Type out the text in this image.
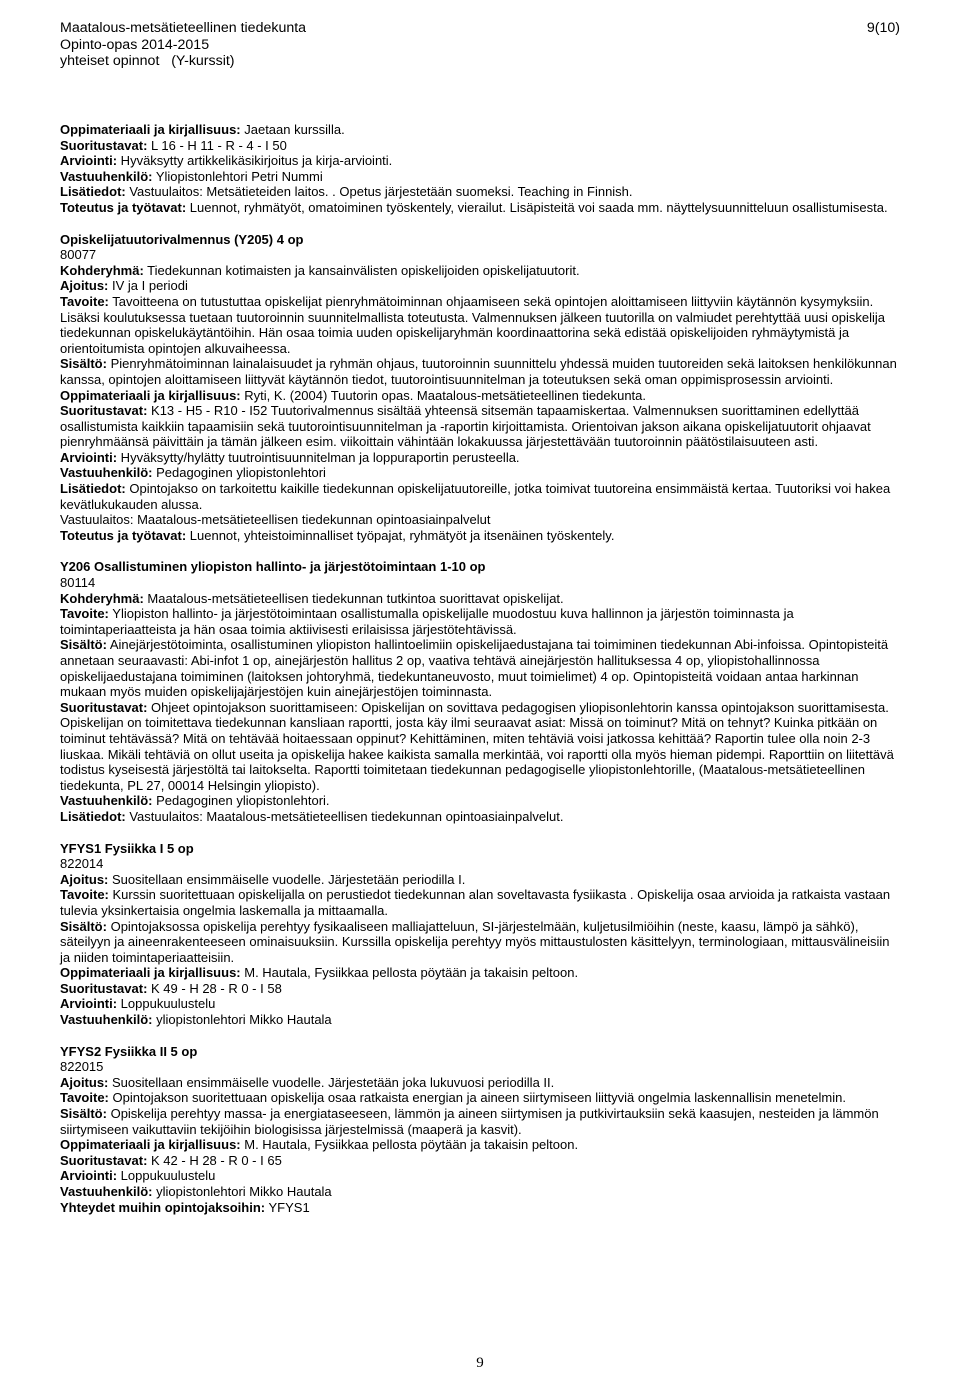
Maatalous-metsätieteellinen tiedekunta
Opinto-opas 2014-2015
yhteiset opinnot   (Y-kurssit)
9(10)
Oppimateriaali ja kirjallisuus: Jaetaan kurssilla.
Suoritustavat: L 16 - H 11 - R - 4 - I 50
Arviointi: Hyväksytty artikkelikäsikirjoitus ja kirja-arviointi.
Vastuuhenkilö: Yliopistonlehtori Petri Nummi
Lisätiedot: Vastuulaitos: Metsätieteiden laitos. . Opetus järjestetään suomeksi. Teaching in Finnish.
Toteutus ja työtavat: Luennot, ryhmätyöt, omatoiminen työskentely, vierailut. Lisäpisteitä voi saada mm. näyttelysuunnitteluun osallistumisesta.
Opiskelijatuutorivalmennus (Y205) 4 op
80077
Kohderyhmä: Tiedekunnan kotimaisten ja kansainvälisten opiskelijoiden opiskelijatuutorit.
Ajoitus: IV ja I periodi
Tavoite: Tavoitteena on tutustuttaa opiskelijat pienryhmätoiminnan ohjaamiseen sekä opintojen aloittamiseen liittyviin käytännön kysymyksiin. Lisäksi koulutuksessa tuetaan tuutoroinnin suunnitelmallista toteutusta. Valmennuksen jälkeen tuutorilla on valmiudet perehtyttää uusi opiskelija tiedekunnan opiskelukäytäntöihin. Hän osaa toimia uuden opiskelijaryhmän koordinaattorina sekä edistää opiskelijoiden ryhmäytymistä ja orientoitumista opintojen alkuvaiheessa.
Sisältö: Pienryhmätoiminnan lainalaisuudet ja ryhmän ohjaus, tuutoroinnin suunnittelu yhdessä muiden tuutoreiden sekä laitoksen henkilökunnan kanssa, opintojen aloittamiseen liittyvät käytännön tiedot, tuutorointisuunnitelman ja toteutuksen sekä oman oppimisprosessin arviointi.
Oppimateriaali ja kirjallisuus: Ryti, K. (2004) Tuutorin opas. Maatalous-metsätieteellinen tiedekunta.
Suoritustavat: K13 - H5 - R10 - I52 Tuutorivalmennus sisältää yhteensä sitsemän tapaamiskertaa. Valmennuksen suorittaminen edellyttää osallistumista kaikkiin tapaamisiin sekä tuutorointisuunnitelman ja -raportin kirjoittamista. Orientoivan jakson aikana opiskelijatuutorit ohjaavat pienryhmäänsä päivittäin ja tämän jälkeen esim. viikoittain vähintään lokakuussa järjestettävään tuutoroinnin päätöstilaisuuteen asti.
Arviointi: Hyväksytty/hylätty tuutrointisuunnitelman ja loppuraportin perusteella.
Vastuuhenkilö: Pedagoginen yliopistonlehtori
Lisätiedot: Opintojakso on tarkoitettu kaikille tiedekunnan opiskelijatuutoreille, jotka toimivat tuutoreina ensimmäistä kertaa. Tuutoriksi voi hakea kevätlukukauden alussa.
Vastuulaitos: Maatalous-metsätieteellisen tiedekunnan opintoasiainpalvelut
Toteutus ja työtavat: Luennot, yhteistoiminnalliset työpajat, ryhmätyöt ja itsenäinen työskentely.
Y206 Osallistuminen yliopiston hallinto- ja järjestötoimintaan 1-10 op
80114
Kohderyhmä: Maatalous-metsätieteellisen tiedekunnan tutkintoa suorittavat opiskelijat.
Tavoite: Yliopiston hallinto- ja järjestötoimintaan osallistumalla opiskelijalle muodostuu kuva hallinnon ja järjestön toiminnasta ja toimintaperiaatteista ja hän osaa toimia aktiivisesti erilaisissa järjestötehtävissä.
Sisältö: Ainejärjestötoiminta, osallistuminen yliopiston hallintoelimiin opiskelijaedustajana tai toimiminen tiedekunnan Abi-infoissa. Opintopisteitä annetaan seuraavasti: Abi-infot 1 op, ainejärjestön hallitus 2 op, vaativa tehtävä ainejärjestön hallituksessa 4 op, yliopistohallinnossa opiskelijaedustajana toimiminen (laitoksen johtoryhmä, tiedekuntaneuvosto, muut toimielimet) 4 op. Opintopisteitä voidaan antaa harkinnan mukaan myös muiden opiskelijajärjestöjen kuin ainejärjestöjen toiminnasta.
Suoritustavat: Ohjeet opintojakson suorittamiseen: Opiskelijan on sovittava pedagogisen yliopisonlehtorin kanssa opintojakson suorittamisesta. Opiskelijan on toimitettava tiedekunnan kansliaan raportti, josta käy ilmi seuraavat asiat: Missä on toiminut? Mitä on tehnyt? Kuinka pitkään on toiminut tehtävässä? Mitä on tehtävää hoitaessaan oppinut? Kehittäminen, miten tehtäviä voisi jatkossa kehittää? Raportin tulee olla noin 2-3 liuskaa. Mikäli tehtäviä on ollut useita ja opiskelija hakee kaikista samalla merkintää, voi raportti olla myös hieman pidempi. Raporttiin on liitettävä todistus kyseisestä järjestöltä tai laitokselta. Raportti toimitetaan tiedekunnan pedagogiselle yliopistonlehtorille, (Maatalous-metsätieteellinen tiedekunta, PL 27, 00014 Helsingin yliopisto).
Vastuuhenkilö: Pedagoginen yliopistonlehtori.
Lisätiedot: Vastuulaitos: Maatalous-metsätieteellisen tiedekunnan opintoasiainpalvelut.
YFYS1 Fysiikka I 5 op
822014
Ajoitus: Suositellaan ensimmäiselle vuodelle. Järjestetään periodilla I.
Tavoite: Kurssin suoritettuaan opiskelijalla on perustiedot tiedekunnan alan soveltavasta fysiikasta . Opiskelija osaa arvioida ja ratkaista vastaan tulevia yksinkertaisia ongelmia laskemalla ja mittaamalla.
Sisältö: Opintojaksossa opiskelija perehtyy fysikaaliseen malliajatteluun, SI-järjestelmään, kuljetusilmiöihin (neste, kaasu, lämpö ja sähkö), säteilyyn ja aineenrakenteeseen ominaisuuksiin. Kurssilla opiskelija perehtyy myös mittaustulosten käsittelyyn, terminologiaan, mittausvälineisiin ja niiden toimintaperiaatteisiin.
Oppimateriaali ja kirjallisuus: M. Hautala, Fysiikkaa pellosta pöytään ja takaisin peltoon.
Suoritustavat: K 49 - H 28 - R 0 - I 58
Arviointi: Loppukuulustelu
Vastuuhenkilö: yliopistonlehtori Mikko Hautala
YFYS2 Fysiikka II 5 op
822015
Ajoitus: Suositellaan ensimmäiselle vuodelle. Järjestetään joka lukuvuosi periodilla II.
Tavoite: Opintojakson suoritettuaan opiskelija osaa ratkaista energian ja aineen siirtymiseen liittyviä ongelmia laskennallisin menetelmin.
Sisältö: Opiskelija perehtyy massa- ja energiataseeseen, lämmön ja aineen siirtymisen ja putkivirtauksiin sekä kaasujen, nesteiden ja lämmön siirtymiseen vaikuttaviin tekijöihin biologisissa järjestelmissä (maaperä ja kasvit).
Oppimateriaali ja kirjallisuus: M. Hautala, Fysiikkaa pellosta pöytään ja takaisin peltoon.
Suoritustavat: K 42 - H 28 - R 0 - I 65
Arviointi: Loppukuulustelu
Vastuuhenkilö: yliopistonlehtori Mikko Hautala
Yhteydet muihin opintojaksoihin: YFYS1
9
